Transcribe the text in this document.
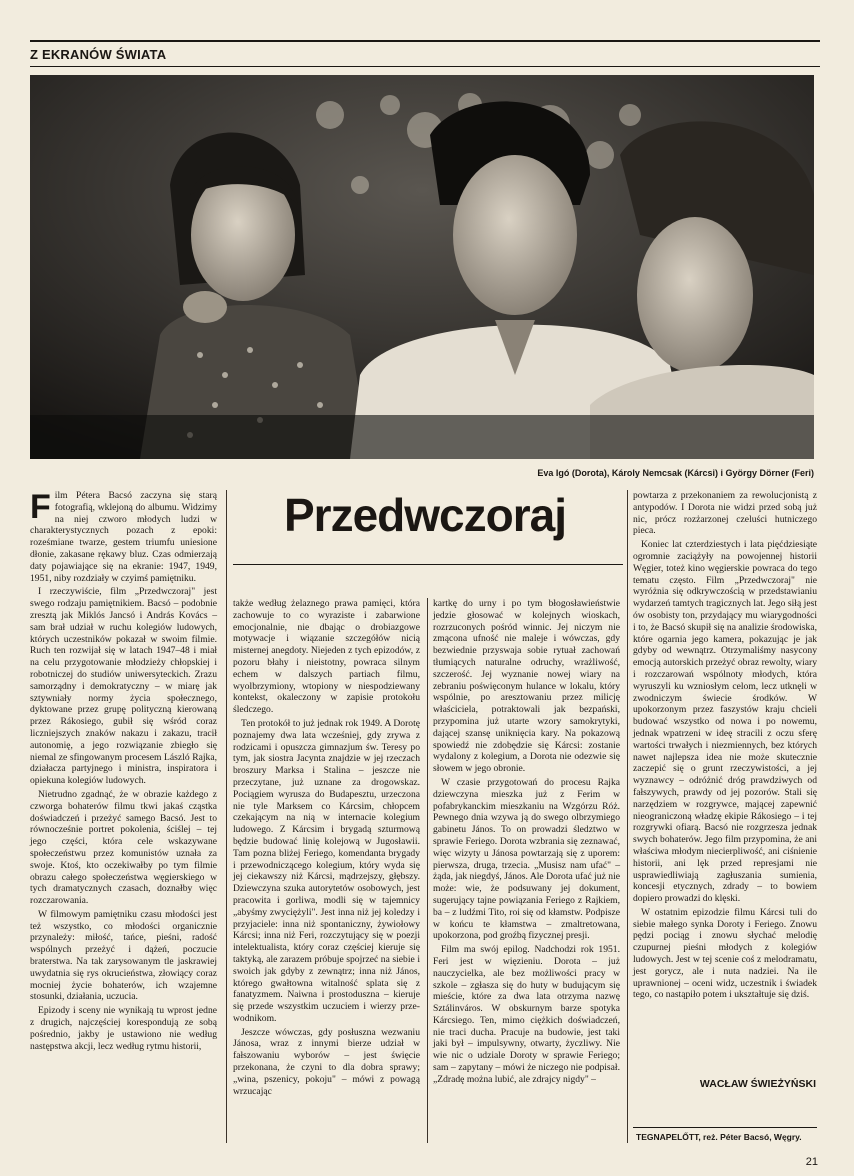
Z EKRANÓW ŚWIATA
Eva Igó (Dorota), Károly Nemcsak (Kárcsi) i György Dörner (Feri)
Przedwczoraj

Film Pétera Bacsó zaczyna się starą fotografią, wklejoną do albumu. Widzimy na niej czworo młodych ludzi w charakterystycznych pozach z epoki: roześmiane twarze, gestem triumfu uniesione dłonie, zakasane rękawy bluz. Czas odmierzają daty pojawiające się na ekranie: 1947, 1949, 1951, niby rozdziały w czyimś pamiętniku.

I rzeczywiście, film „Przedwczoraj" jest swego rodzaju pamiętnikiem. Bacsó – podobnie zresztą jak Miklós Jancsó i András Kovács – sam brał udział w ruchu kolegiów ludowych, których uczestników pokazał w swoim filmie. Ruch ten rozwijał się w latach 1947–48 i miał na celu przygotowanie młodzieży chłopskiej i robotniczej do studiów uniwersyteckich. Zrazu samorządny i demokratyczny – w miarę jak sztywniały normy życia społecznego, dyktowane przez grupę polityczną kierowaną przez Rákosiego, gubił się wśród coraz liczniejszych znaków nakazu i zakazu, tracił autonomię, a jego rozwiązanie zbiegło się niemal ze sfingowanym procesem László Rajka, działacza partyjnego i ministra, inspiratora i opiekuna kolegiów ludowych.

Nietrudno zgadnąć, że w obrazie każdego z czworga bohaterów filmu tkwi jakaś cząstka doświadczeń i przeżyć samego Bacsó. Jest to równocześnie portret pokolenia, ściślej – tej jego części, która cele wskazywane społeczeństwu przez komunistów uznała za swoje. Ktoś, kto oczekiwałby po tym filmie obrazu całego społeczeństwa węgierskiego w tych dramatycznych czasach, doznałby więc rozczarowania.

W filmowym pamiętniku czasu młodości jest też wszystko, co młodości organicznie przynależy: miłość, tańce, pieśni, radość wspólnych przeżyć i dążeń, poczucie braterstwa. Na tak zarysowanym tle jaskrawiej uwydatnia się rys okrucieństwa, złowiący coraz mocniej życie bohaterów, ich wzajemne stosunki, działania, uczucia.

Epizody i sceny nie wynikają tu wprost jedne z drugich, najczęściej korespondują ze sobą pośrednio, jakby je ustawiono nie według następstwa akcji, lecz według rytmu historii,

także według żelaznego prawa pamięci, która zachowuje to co wyraziste i zabarwione emocjonalnie, nie dbając o drobiazgowe motywacje i wiązanie szczegółów nicią misternej anegdoty. Niejeden z tych epizodów, z pozoru błahy i nieistotny, powraca silnym echem w dalszych partiach filmu, wyolbrzymiony, wtopiony w niespodziewany kontekst, okaleczony w zapisie protokołu śledczego.

Ten protokół to już jednak rok 1949. A Dorotę poznajemy dwa lata wcześniej, gdy zrywa z rodzicami i opuszcza gimnazjum św. Teresy po tym, jak siostra Jacynta znajdzie w jej rzeczach broszury Marksa i Stalina – jeszcze nie przeczytane, już uznane za drogowskaz. Pociągiem wyrusza do Budapesztu, urzeczona nie tyle Marksem co Kárcsim, chłopcem czekającym na nią w internacie kolegium ludowego. Z Kárcsim i brygadą szturmową będzie budować linię kolejową w Jugosławii. Tam pozna bliżej Feriego, komendanta brygady i przewodniczącego kolegium, który wyda się jej ciekawszy niż Kárcsi, mądrzejszy, głębszy. Dziewczyna szuka autorytetów osobowych, jest pracowita i gorliwa, modli się w tajemnicy „abyśmy zwyciężyli". Jest inna niż jej koledzy i przyjaciele: inna niż spontaniczny, żywiołowy Kárcsi; inna niż Feri, rozczytujący się w poezji intelektualista, który coraz częściej kieruje się taktyką, ale zarazem próbuje spojrzeć na siebie i swoich jak gdyby z zewnątrz; inna niż János, którego gwałtowna witalność splata się z fanatyzmem. Naiwna i prostoduszna – kieruje się przede wszystkim uczuciem i wierzy prze-wodnikom.

Jeszcze wówczas, gdy posłuszna wezwaniu Jánosa, wraz z innymi bierze udział w fałszowaniu wyborów – jest święcie przekonana, że czyni to dla dobra sprawy; „wina, pszenicy, pokoju" – mówi z powagą wrzucając

kartkę do urny i po tym błogosławieństwie jedzie głosować w kolejnych wioskach, rozrzuconych pośród winnic. Jej niczym nie zmącona ufność nie maleje i wówczas, gdy bezwiednie przyswaja sobie rytuał zachowań tłumiących naturalne odruchy, wrażliwość, szczerość. Jej wyznanie nowej wiary na zebraniu poświęconym hulance w lokalu, który wspólnie, po aresztowaniu przez milicję właściciela, potraktowali jak bezpański, przypomina już utarte wzory samokrytyki, dającej szansę uniknięcia kary. Na pokazową spowiedź nie zdobędzie się Kárcsi: zostanie wydalony z kolegium, a Dorota nie odezwie się słowem w jego obronie.

W czasie przygotowań do procesu Rajka dziewczyna mieszka już z Ferim w pofabrykanckim mieszkaniu na Wzgórzu Róż. Pewnego dnia wzywa ją do swego olbrzymiego gabinetu János. To on prowadzi śledztwo w sprawie Feriego. Dorota wzbrania się zeznawać, więc wizyty u Jánosa powtarzają się z uporem: pierwsza, druga, trzecia. „Musisz nam ufać" – żąda, jak niegdyś, János. Ale Dorota ufać już nie może: wie, że podsuwany jej dokument, sugerujący tajne powiązania Feriego z Rajkiem, ba – z ludźmi Tito, roi się od kłamstw. Podpisze w końcu te kłamstwa – zmaltretowana, upokorzona, pod groźbą fizycznej presji.

Film ma swój epilog. Nadchodzi rok 1951. Feri jest w więzieniu. Dorota – już nauczycielka, ale bez możliwości pracy w szkole – zgłasza się do huty w budującym się mieście, które za dwa lata otrzyma nazwę Sztálinváros. W obskurnym barze spotyka Kárcsiego. Ten, mimo ciężkich doświadczeń, nie traci ducha. Pracuje na budowie, jest taki jaki był – impulsywny, otwarty, życzliwy. Nie wie nic o udziale Doroty w sprawie Feriego; sam – zapytany – mówi że niczego nie podpisał. „Zdradę można lubić, ale zdrajcy nigdy" –

powtarza z przekonaniem za rewolucjonistą z antypodów. I Dorota nie widzi przed sobą już nic, prócz rozżarzonej czeluści hutniczego pieca.

Koniec lat czterdziestych i lata pięćdziesiąte ogromnie zaciążyły na powojennej historii Węgier, toteż kino węgierskie powraca do tego tematu często. Film „Przedwczoraj" nie wyróżnia się odkrywczością w przedstawianiu wydarzeń tamtych tragicznych lat. Jego siłą jest ów osobisty ton, przydający mu wiarygodności i to, że Bacsó skupił się na analizie środowiska, które ogarnia jego kamera, pokazując je jak gdyby od wewnątrz. Otrzymaliśmy nasycony emocją autorskich przeżyć obraz rewolty, wiary i rozczarowań wspólnoty młodych, która wyruszyli ku wzniosłym celom, lecz utknęli w zwodniczym świecie środków. W upokorzonym przez faszystów kraju chcieli budować wszystko od nowa i po nowemu, jednak wpatrzeni w ideę stracili z oczu sferę wartości trwałych i niezmiennych, bez których nawet najlepsza idea nie może skutecznie zaczepić się o grunt rzeczywistości, a jej wyznawcy – odróżnić dróg prawdziwych od fałszywych, prawdy od jej pozorów. Stali się narzędziem w rozgrywce, mającej zapewnić nieograniczoną władzę ekipie Rákosiego – i tej rozgrywki ofiarą. Bacsó nie rozgrzesza jednak swych bohaterów. Jego film przypomina, że ani właściwa młodym niecierpliwość, ani ciśnienie historii, ani lęk przed represjami nie usprawiedliwiają zagłuszania sumienia, koncesji etycznych, zdrady – to bowiem dopiero prowadzi do klęski.

W ostatnim epizodzie filmu Kárcsi tuli do siebie małego synka Doroty i Feriego. Znowu pędzi pociąg i znowu słychać melodię czupurnej pieśni młodych z kolegiów ludowych. Jest w tej scenie coś z melodramatu, jest gorycz, ale i nuta nadziei. Na ile uprawnionej – oceni widz, uczestnik i świadek tego, co nastąpiło potem i ukształtuje się dziś.

WACŁAW ŚWIEŻYŃSKI
TEGNAPELŐTT, reż. Péter Bacsó, Węgry.
21
